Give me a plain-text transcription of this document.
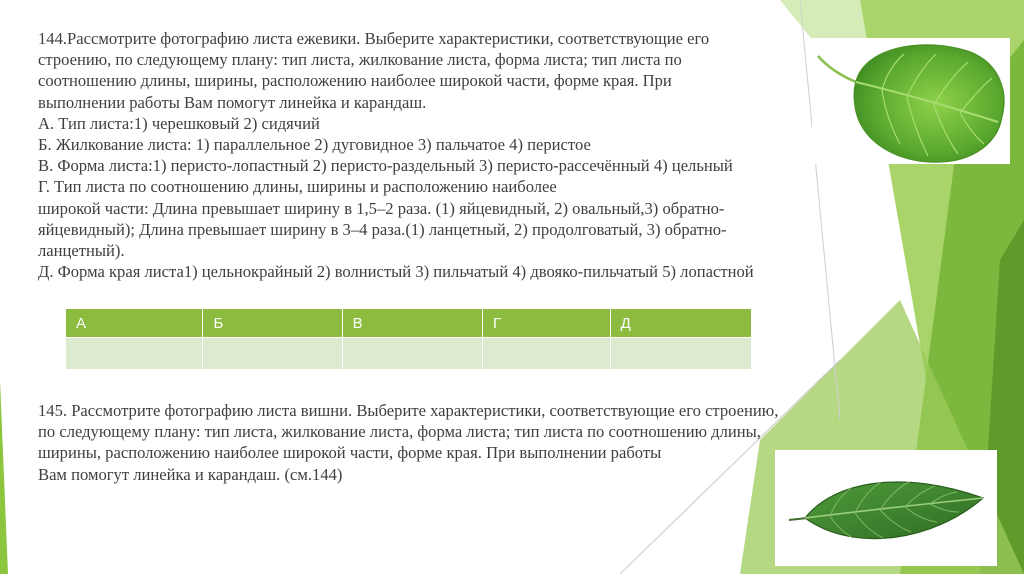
144.Рассмотрите фотографию листа ежевики. Выберите характеристики, соответствующие его
строению, по следующему плану: тип листа, жилкование листа, форма листа; тип листа по
соотношению длины, ширины, расположению наиболее широкой части, форме края. При
выполнении работы Вам помогут линейка и карандаш.
А. Тип листа:1) черешковый 2) сидячий
Б. Жилкование листа: 1) параллельное 2) дуговидное 3) пальчатое 4) перистое
В. Форма листа:1) перисто-лопастный 2) перисто-раздельный 3) перисто-рассечённый 4) цельный
Г. Тип листа по соотношению длины, ширины и расположению наиболее
широкой части: Длина превышает ширину в 1,5–2 раза. (1) яйцевидный, 2) овальный,3) обратно-
яйцевидный); Длина превышает ширину в 3–4 раза.(1) ланцетный, 2) продолговатый, 3) обратно-
ланцетный).
Д. Форма края листа1) цельнокрайный 2) волнистый 3) пильчатый 4) двояко-пильчатый 5) лопастной
А	Б	В	Г	Д

145. Рассмотрите фотографию листа вишни. Выберите характеристики, соответствующие его строению,
по следующему плану: тип листа, жилкование листа, форма листа; тип листа по соотношению длины,
ширины, расположению наиболее широкой части, форме края. При выполнении работы
Вам помогут линейка и карандаш. (см.144)
